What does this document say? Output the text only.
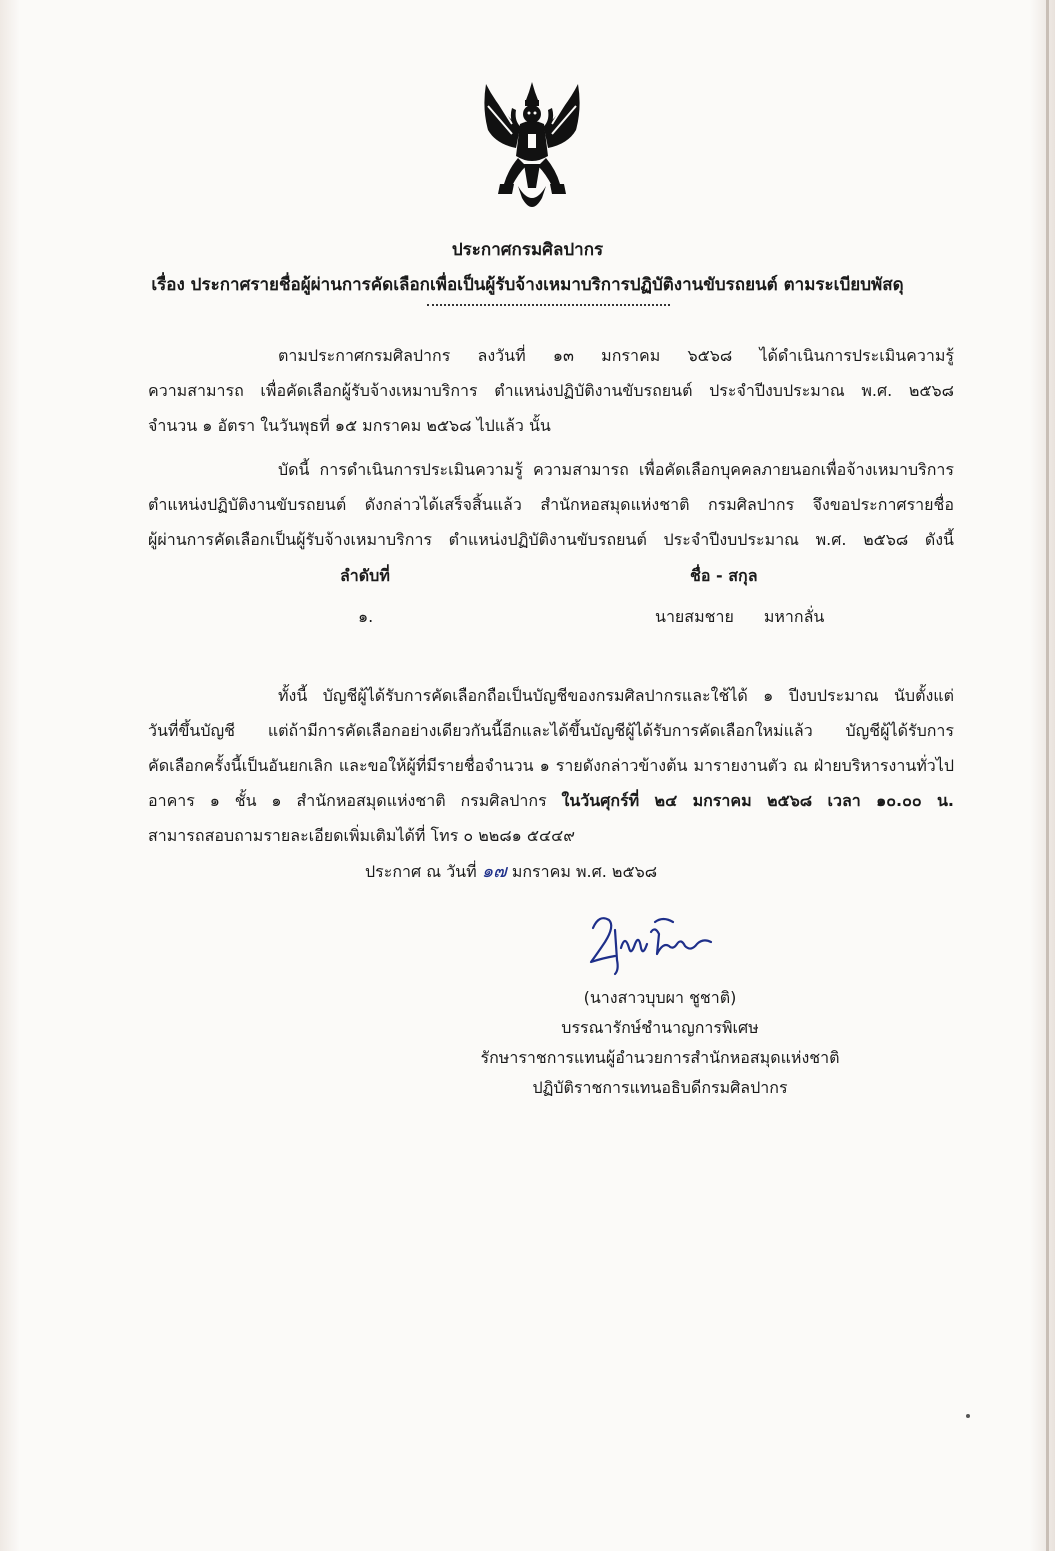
ประกาศกรมศิลปากร
เรื่อง ประกาศรายชื่อผู้ผ่านการคัดเลือกเพื่อเป็นผู้รับจ้างเหมาบริการปฏิบัติงานขับรถยนต์ ตามระเบียบพัสดุ
ตามประกาศกรมศิลปากร ลงวันที่ ๑๓ มกราคม ๖๕๖๘ ได้ดำเนินการประเมินความรู้
ความสามารถ เพื่อคัดเลือกผู้รับจ้างเหมาบริการ ตำแหน่งปฏิบัติงานขับรถยนต์ ประจำปีงบประมาณ พ.ศ. ๒๕๖๘
จำนวน ๑ อัตรา ในวันพุธที่ ๑๕ มกราคม ๒๕๖๘ ไปแล้ว นั้น
บัดนี้ การดำเนินการประเมินความรู้ ความสามารถ เพื่อคัดเลือกบุคคลภายนอกเพื่อจ้างเหมาบริการ
ตำแหน่งปฏิบัติงานขับรถยนต์ ดังกล่าวได้เสร็จสิ้นแล้ว สำนักหอสมุดแห่งชาติ กรมศิลปากร จึงขอประกาศรายชื่อ
ผู้ผ่านการคัดเลือกเป็นผู้รับจ้างเหมาบริการ ตำแหน่งปฏิบัติงานขับรถยนต์ ประจำปีงบประมาณ พ.ศ. ๒๕๖๘ ดังนี้
ลำดับที่	ชื่อ - สกุล
๑.	นายสมชาย มหากลั่น
ทั้งนี้ บัญชีผู้ได้รับการคัดเลือกถือเป็นบัญชีของกรมศิลปากรและใช้ได้ ๑ ปีงบประมาณ นับตั้งแต่
วันที่ขึ้นบัญชี แต่ถ้ามีการคัดเลือกอย่างเดียวกันนี้อีกและได้ขึ้นบัญชีผู้ได้รับการคัดเลือกใหม่แล้ว บัญชีผู้ได้รับการ
คัดเลือกครั้งนี้เป็นอันยกเลิก และขอให้ผู้ที่มีรายชื่อจำนวน ๑ รายดังกล่าวข้างต้น มารายงานตัว ณ ฝ่ายบริหารงานทั่วไป
อาคาร ๑ ชั้น ๑ สำนักหอสมุดแห่งชาติ กรมศิลปากร ในวันศุกร์ที่ ๒๔ มกราคม ๒๕๖๘ เวลา ๑๐.๐๐ น.
สามารถสอบถามรายละเอียดเพิ่มเติมได้ที่ โทร ๐ ๒๒๘๑ ๕๔๔๙
ประกาศ ณ วันที่ ๑๗ มกราคม พ.ศ. ๒๕๖๘
(นางสาวบุบผา ชูชาติ)
บรรณารักษ์ชำนาญการพิเศษ
รักษาราชการแทนผู้อำนวยการสำนักหอสมุดแห่งชาติ
ปฏิบัติราชการแทนอธิบดีกรมศิลปากร
